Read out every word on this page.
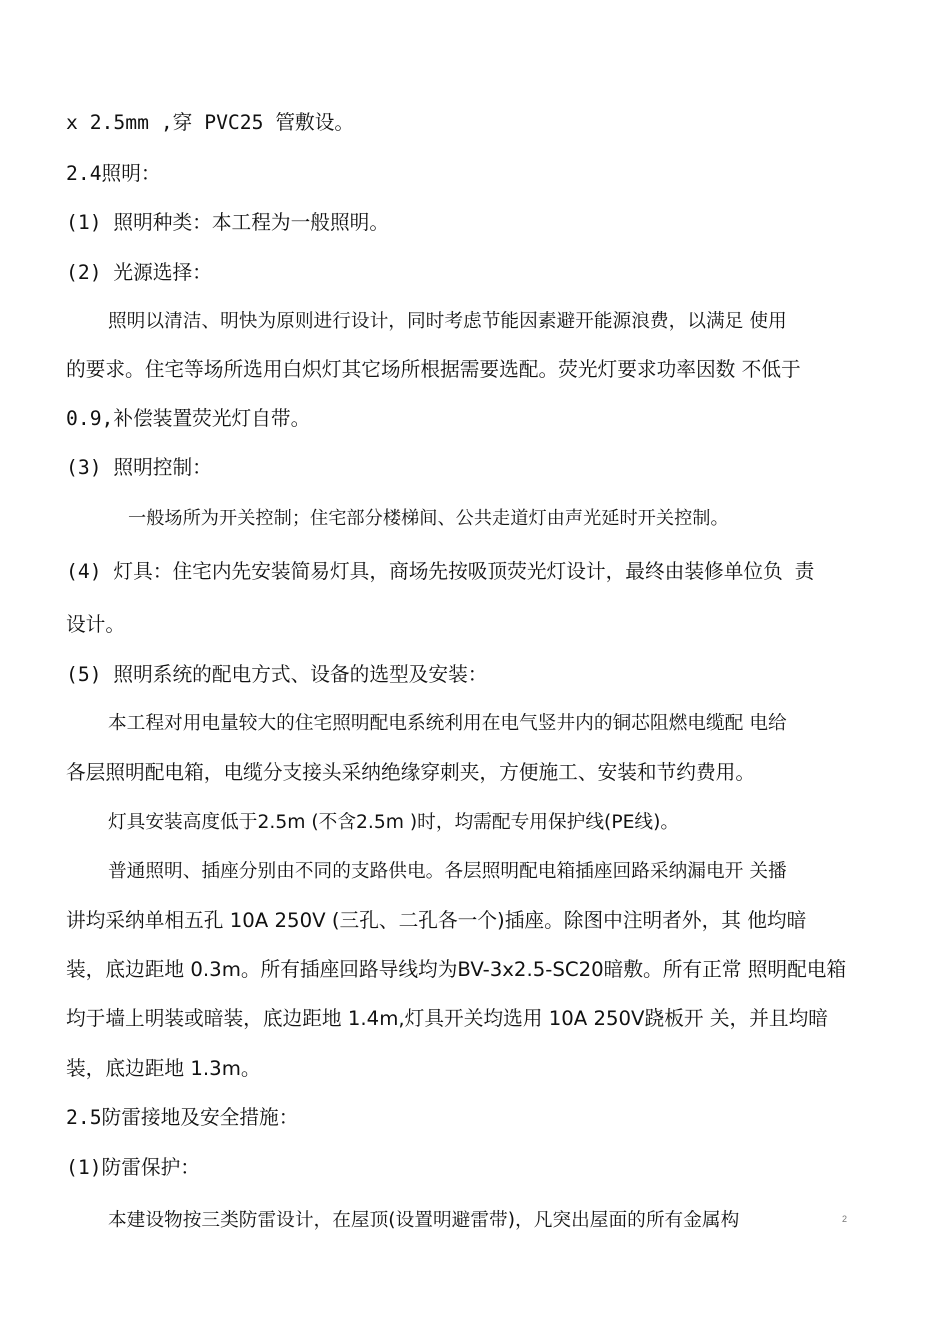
x 2.5mm ,穿 PVC25 管敷设。
2.4照明：
(1) 照明种类：本工程为一般照明。
(2) 光源选择：
照明以清洁、明快为原则进行设计，同时考虑节能因素避开能源浪费，以满足 使用
的要求。住宅等场所选用白炽灯其它场所根据需要选配。荧光灯要求功率因数 不低于
0.9,补偿装置荧光灯自带。
(3) 照明控制：
一般场所为开关控制；住宅部分楼梯间、公共走道灯由声光延时开关控制。
(4) 灯具：住宅内先安装简易灯具，商场先按吸顶荧光灯设计，最终由装修单位负 责
设计。
(5) 照明系统的配电方式、设备的选型及安装：
本工程对用电量较大的住宅照明配电系统利用在电气竖井内的铜芯阻燃电缆配 电给
各层照明配电箱，电缆分支接头采纳绝缘穿刺夹，方便施工、安装和节约费用。
灯具安装高度低于2.5m (不含2.5m )时，均需配专用保护线(PE线)。
普通照明、插座分别由不同的支路供电。各层照明配电箱插座回路采纳漏电开 关播
讲均采纳单相五孔 10A 250V (三孔、二孔各一个)插座。除图中注明者外，其 他均暗
装，底边距地 0.3m。所有插座回路导线均为BV-3x2.5-SC20暗敷。所有正常 照明配电箱
均于墙上明装或暗装，底边距地 1.4m,灯具开关均选用 10A 250V跷板开 关，并且均暗
装，底边距地 1.3m。
2.5防雷接地及安全措施：
(1)防雷保护：
本建设物按三类防雷设计，在屋顶(设置明避雷带)，凡突出屋面的所有金属构	2
